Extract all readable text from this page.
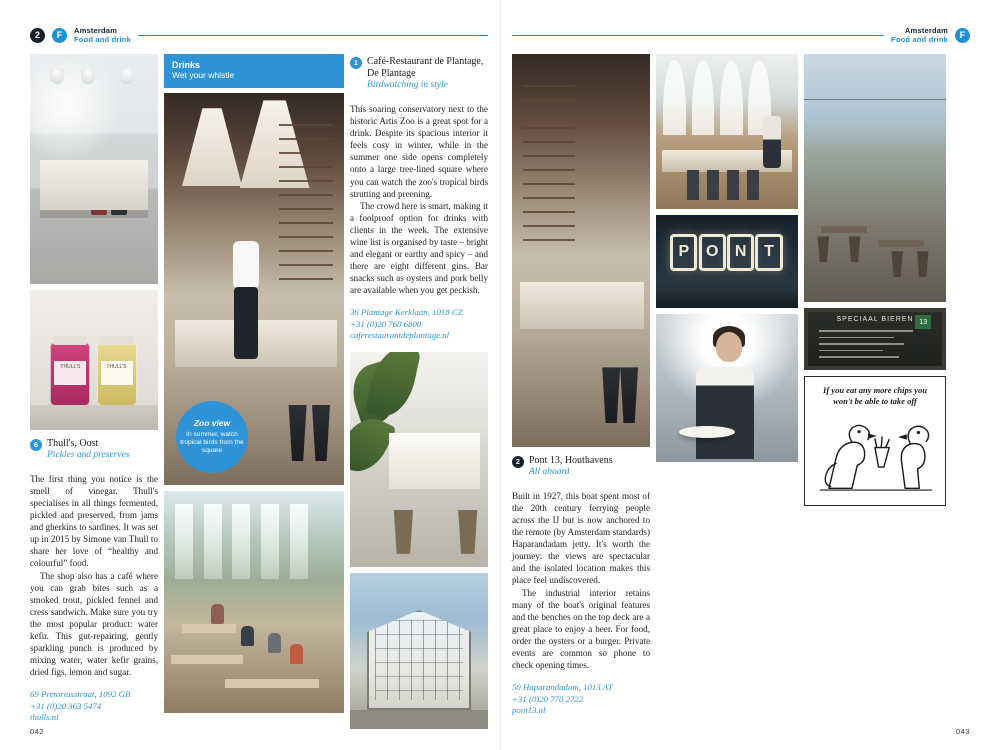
2	F	Amsterdam
Food and drink
THULL'S	THULL'S
6 Thull's, Oost
Pickles and preserves

The first thing you notice is the smell of vinegar. Thull's specialises in all things fermented, pickled and preserved, from jams and gherkins to sardines. It was set up in 2015 by Simone van Thull to share her love of “healthy and colourful” food.

The shop also has a café where you can grab bites such as a smoked trout, pickled fennel and cress sandwich. Make sure you try the most popular product: water kefir. This gut-repairing, gently sparkling punch is produced by mixing water, water kefir grains, dried figs, lemon and sugar.

69 Pretoriusstraat, 1092 GB
+31 (0)20 363 5474
thulls.nl
Drinks
Wet your whistle
Zoo view
In summer, watch tropical birds from the square
1 Café-Restaurant de Plantage, De Plantage
Birdwatching in style

This soaring conservatory next to the historic Artis Zoo is a great spot for a drink. Despite its spacious interior it feels cosy in winter, while in the summer one side opens completely onto a large tree-lined square where you can watch the zoo's tropical birds strutting and preening.

The crowd here is smart, making it a foolproof option for drinks with clients in the week. The extensive wine list is organised by taste – bright and elegant or earthy and spicy – and there are eight different gins. Bar snacks such as oysters and pork belly are available when you get peckish.

36 Plantage Kerklaan, 1018 CZ
+31 (0)20 760 6800
caferestaurantdeplantage.nl
042
Amsterdam
Food and drink	F
2 Pont 13, Houthavens
All aboard

Built in 1927, this boat spent most of the 20th century ferrying people across the IJ but is now anchored to the remote (by Amsterdam standards) Haparandadam jetty. It's worth the journey: the views are spectacular and the isolated location makes this place feel undiscovered.

The industrial interior retains many of the boat's original features and the benches on the top deck are a great place to enjoy a beer. For food, order the oysters or a burger. Private events are common so phone to check opening times.

50 Haparandadam, 1013 AT
+31 (0)20 770 2722
pont13.nl
P	O	N	T
SPECIAAL BIEREN 13
If you eat any more chips you won't be able to take off
043
